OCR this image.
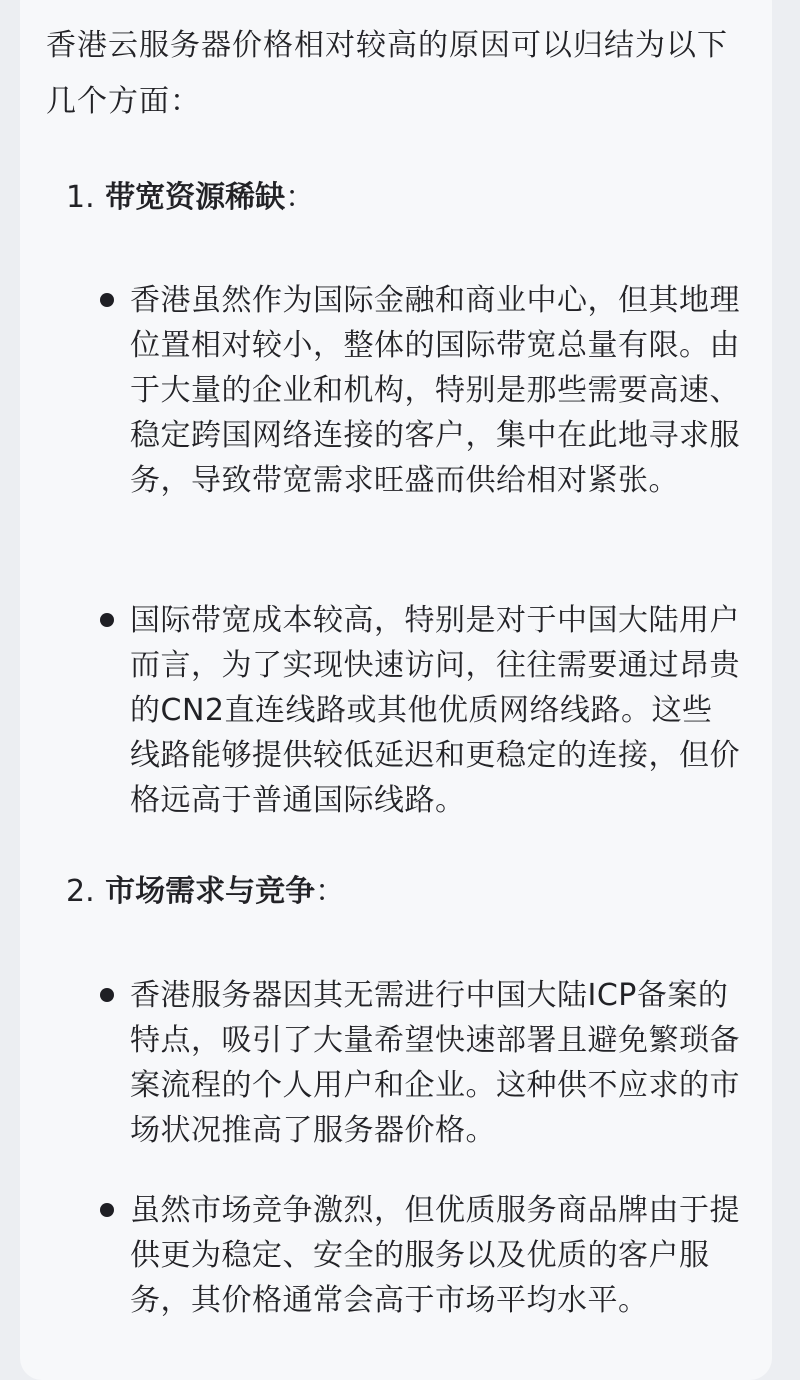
香港云服务器价格相对较高的原因可以归结为以下几个方面：

1. 带宽资源稀缺：

香港虽然作为国际金融和商业中心，但其地理位置相对较小，整体的国际带宽总量有限。由于大量的企业和机构，特别是那些需要高速、稳定跨国网络连接的客户，集中在此地寻求服务，导致带宽需求旺盛而供给相对紧张。

国际带宽成本较高，特别是对于中国大陆用户而言，为了实现快速访问，往往需要通过昂贵的CN2直连线路或其他优质网络线路。这些线路能够提供较低延迟和更稳定的连接，但价格远高于普通国际线路。

2. 市场需求与竞争：

香港服务器因其无需进行中国大陆ICP备案的特点，吸引了大量希望快速部署且避免繁琐备案流程的个人用户和企业。这种供不应求的市场状况推高了服务器价格。

虽然市场竞争激烈，但优质服务商品牌由于提供更为稳定、安全的服务以及优质的客户服务，其价格通常会高于市场平均水平。
